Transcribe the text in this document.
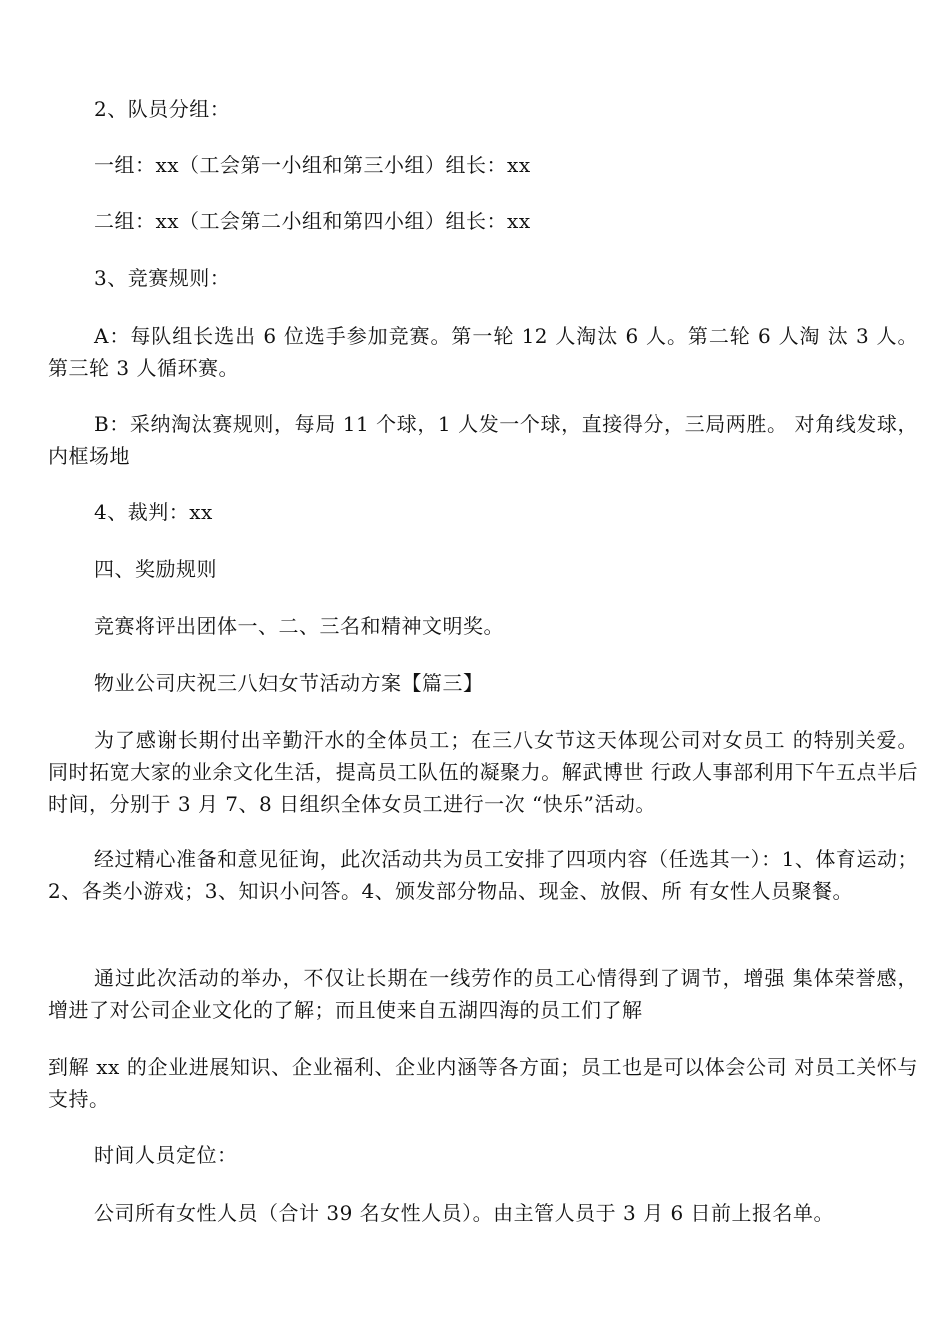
2、队员分组：

一组：xx（工会第一小组和第三小组）组长：xx

二组：xx（工会第二小组和第四小组）组长：xx

3、竞赛规则：

A：每队组长选出 6 位选手参加竞赛。第一轮 12 人淘汰 6 人。第二轮 6 人淘 汰 3 人。第三轮 3 人循环赛。

B：采纳淘汰赛规则，每局 11 个球，1 人发一个球，直接得分，三局两胜。 对角线发球，内框场地

4、裁判：xx

四、奖励规则

竞赛将评出团体一、二、三名和精神文明奖。

物业公司庆祝三八妇女节活动方案【篇三】

为了感谢长期付出辛勤汗水的全体员工；在三八女节这天体现公司对女员工 的特别关爱。同时拓宽大家的业余文化生活，提高员工队伍的凝聚力。解武博世 行政人事部利用下午五点半后时间，分别于 3 月 7、8 日组织全体女员工进行一次 “快乐”活动。

经过精心准备和意见征询，此次活动共为员工安排了四项内容（任选其一）：1、体育运动；2、各类小游戏；3、知识小问答。4、颁发部分物品、现金、放假、所 有女性人员聚餐。

通过此次活动的举办，不仅让长期在一线劳作的员工心情得到了调节，增强 集体荣誉感，增进了对公司企业文化的了解；而且使来自五湖四海的员工们了解

到解 xx 的企业进展知识、企业福利、企业内涵等各方面；员工也是可以体会公司 对员工关怀与支持。

时间人员定位：

公司所有女性人员（合计 39 名女性人员）。由主管人员于 3 月 6 日前上报名单。
